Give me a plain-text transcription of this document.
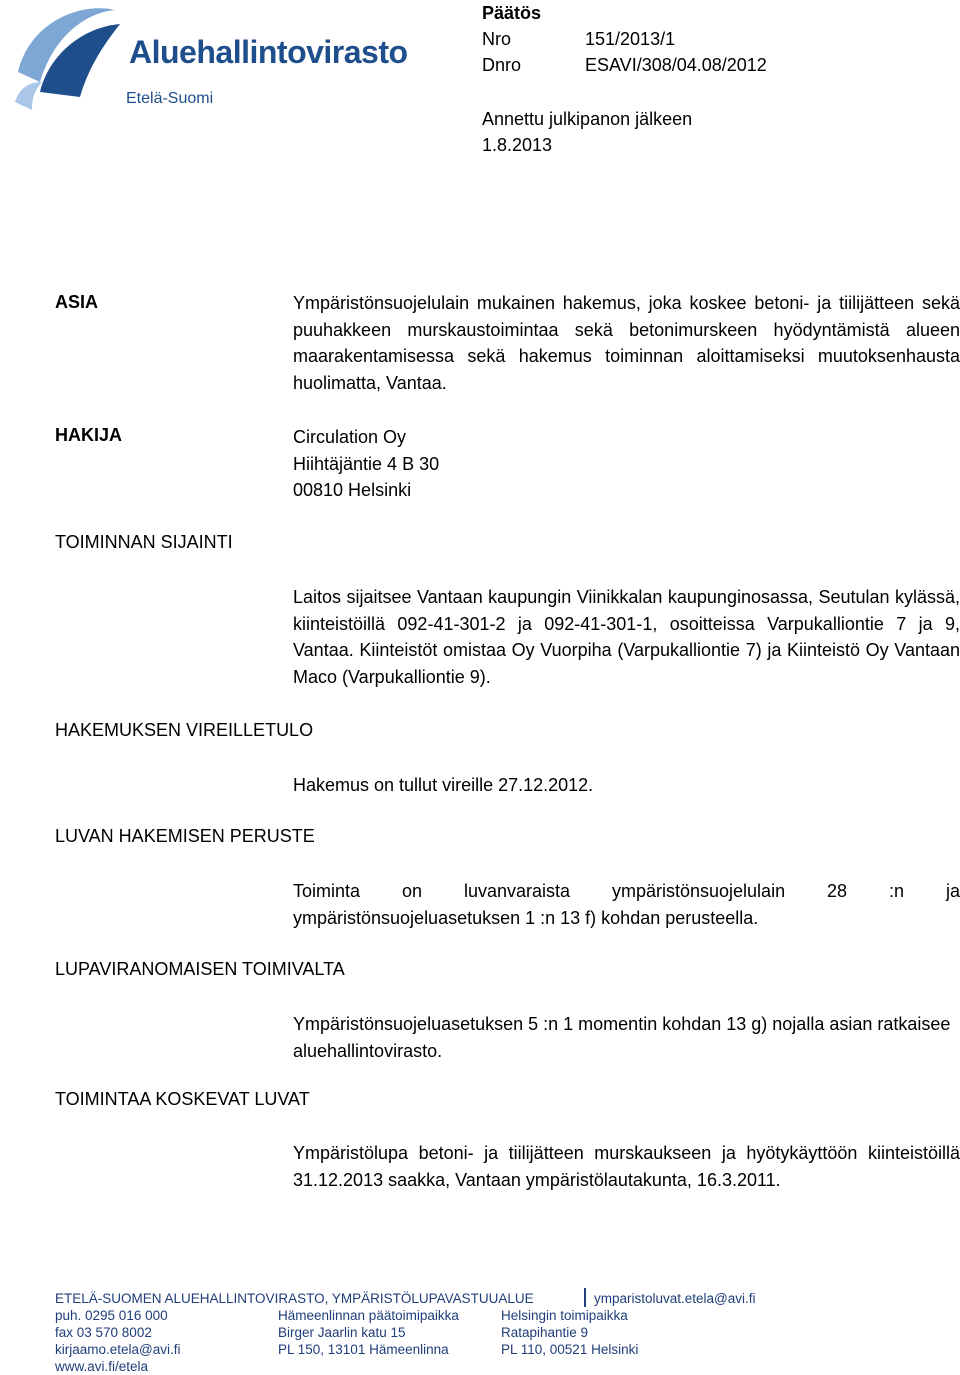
Aluehallintovirasto
Etelä-Suomi
Päätös
Nro	151/2013/1
Dnro	ESAVI/308/04.08/2012
Annettu julkipanon jälkeen
1.8.2013
ASIA	Ympäristönsuojelulain mukainen hakemus, joka koskee betoni- ja tiilijätteen sekä puuhakkeen murskaustoimintaa sekä betonimurskeen hyödyntämistä alueen maarakentamisessa sekä hakemus toiminnan aloittamiseksi muutoksenhausta huolimatta, Vantaa.
HAKIJA	Circulation Oy
Hiihtäjäntie 4 B 30
00810 Helsinki
TOIMINNAN SIJAINTI
Laitos sijaitsee Vantaan kaupungin Viinikkalan kaupunginosassa, Seutulan kylässä, kiinteistöillä 092-41-301-2 ja 092-41-301-1, osoitteissa Varpukalliontie 7 ja 9, Vantaa. Kiinteistöt omistaa Oy Vuorpiha (Varpukalliontie 7) ja Kiinteistö Oy Vantaan Maco (Varpukalliontie 9).
HAKEMUKSEN VIREILLETULO
Hakemus on tullut vireille 27.12.2012.
LUVAN HAKEMISEN PERUSTE
Toiminta on luvanvaraista ympäristönsuojelulain 28 :n ja ympäristönsuojeluasetuksen 1 :n 13 f) kohdan perusteella.
LUPAVIRANOMAISEN TOIMIVALTA
Ympäristönsuojeluasetuksen 5 :n 1 momentin kohdan 13 g) nojalla asian ratkaisee aluehallintovirasto.
TOIMINTAA KOSKEVAT LUVAT
Ympäristölupa betoni- ja tiilijätteen murskaukseen ja hyötykäyttöön kiinteistöillä 31.12.2013 saakka, Vantaan ympäristölautakunta, 16.3.2011.
ETELÄ-SUOMEN ALUEHALLINTOVIRASTO, YMPÄRISTÖLUPAVASTUUALUE	ymparistoluvat.etela@avi.fi
puh. 0295 016 000
fax 03 570 8002
kirjaamo.etela@avi.fi
www.avi.fi/etela
Hämeenlinnan päätoimipaikka
Birger Jaarlin katu 15
PL 150, 13101 Hämeenlinna
Helsingin toimipaikka
Ratapihantie 9
PL 110, 00521 Helsinki
